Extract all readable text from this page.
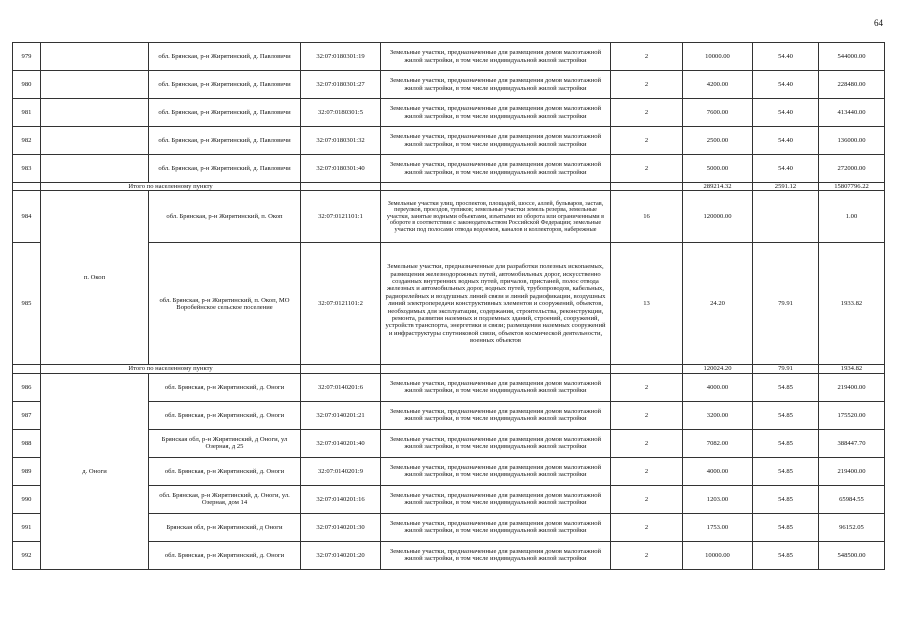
64
979		обл. Брянская, р-н Жирятинский, д. Павловичи	32:07:0180301:19	Земельные участки, предназначенные для размещения домов малоэтажной жилой застройки, в том числе индивидуальной жилой застройки	2	10000.00	54.40	544000.00
980		обл. Брянская, р-н Жирятинский, д. Павловичи	32:07:0180301:27	Земельные участки, предназначенные для размещения домов малоэтажной жилой застройки, в том числе индивидуальной жилой застройки	2	4200.00	54.40	228480.00
981		обл. Брянская, р-н Жирятинский, д. Павловичи	32:07:0180301:5	Земельные участки, предназначенные для размещения домов малоэтажной жилой застройки, в том числе индивидуальной жилой застройки	2	7600.00	54.40	413440.00
982		обл. Брянская, р-н Жирятинский, д. Павловичи	32:07:0180301:32	Земельные участки, предназначенные для размещения домов малоэтажной жилой застройки, в том числе индивидуальной жилой застройки	2	2500.00	54.40	136000.00
983		обл. Брянская, р-н Жирятинский, д. Павловичи	32:07:0180301:40	Земельные участки, предназначенные для размещения домов малоэтажной жилой застройки, в том числе индивидуальной жилой застройки	2	5000.00	54.40	272000.00
	Итого по населенному пункту					289214.32	2591.12	15807796.22
984	п. Окоп	обл. Брянская, р-н Жирятинский, п. Окоп	32:07:0121101:1	Земельные участки улиц, проспектов, площадей, шоссе, аллей, бульваров, застав, переулков, проездов, тупиков; земельные участки земель резерва, земельные участки, занятые водными объектами, изъятыми из оборота или ограниченными в обороте в соответствии с законодательством Российской Федерации; земельные участки под полосами отвода водоемов, каналов и коллекторов, набережные	16	120000.00		1.00
985		обл. Брянская, р-н Жирятинский, п. Окоп, МО Воробейнское сельское поселение	32:07:0121101:2	Земельные участки, предназначенные для разработки полезных ископаемых, размещения железнодорожных путей, автомобильных дорог, искусственно созданных внутренних водных путей, причалов, пристаней, полос отвода железных и автомобильных дорог, водных путей, трубопроводов, кабельных, радиорелейных и воздушных линий связи и линий радиофикации, воздушных линий электропередачи конструктивных элементов и сооружений, объектов, необходимых для эксплуатации, содержания, строительства, реконструкции, ремонта, развития наземных и подземных зданий, строений, сооружений, устройств транспорта, энергетики и связи; размещения наземных сооружений и инфраструктуры спутниковой связи, объектов космической деятельности, военных объектов	13	24.20	79.91	1933.82
	Итого по населенному пункту					120024.20	79.91	1934.82
986	д. Оноги	обл. Брянская, р-н Жирятинский, д. Оноги	32:07:0140201:6	Земельные участки, предназначенные для размещения домов малоэтажной жилой застройки, в том числе индивидуальной жилой застройки	2	4000.00	54.85	219400.00
987		обл. Брянская, р-н Жирятинский, д. Оноги	32:07:0140201:21	Земельные участки, предназначенные для размещения домов малоэтажной жилой застройки, в том числе индивидуальной жилой застройки	2	3200.00	54.85	175520.00
988		Брянская обл, р-н Жирятинский, д Оноги, ул Озерная, д 25	32:07:0140201:40	Земельные участки, предназначенные для размещения домов малоэтажной жилой застройки, в том числе индивидуальной жилой застройки	2	7082.00	54.85	388447.70
989		обл. Брянская, р-н Жирятинский, д. Оноги	32:07:0140201:9	Земельные участки, предназначенные для размещения домов малоэтажной жилой застройки, в том числе индивидуальной жилой застройки	2	4000.00	54.85	219400.00
990		обл. Брянская, р-н Жирятинский, д. Оноги, ул. Озерная, дом 14	32:07:0140201:16	Земельные участки, предназначенные для размещения домов малоэтажной жилой застройки, в том числе индивидуальной жилой застройки	2	1203.00	54.85	65984.55
991		Брянская обл, р-н Жирятинский, д Оноги	32:07:0140201:30	Земельные участки, предназначенные для размещения домов малоэтажной жилой застройки, в том числе индивидуальной жилой застройки	2	1753.00	54.85	96152.05
992		обл. Брянская, р-н Жирятинский, д. Оноги	32:07:0140201:20	Земельные участки, предназначенные для размещения домов малоэтажной жилой застройки, в том числе индивидуальной жилой застройки	2	10000.00	54.85	548500.00
